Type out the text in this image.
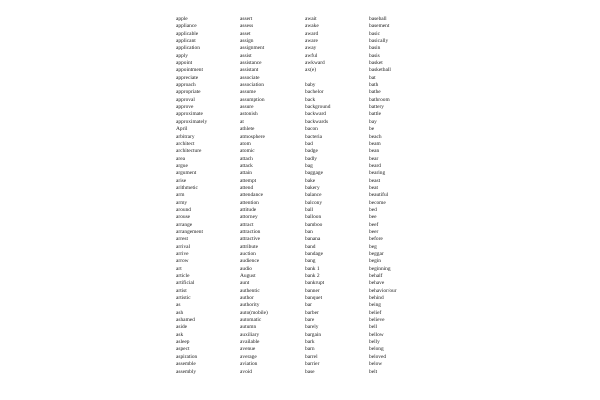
apple
appliance
applicable
applicant
application
apply
appoint
appointment
appreciate
approach
appropriate
approval
approve
approximate
approximately
April
arbitrary
architect
architecture
area
argue
argument
arise
arithmetic
arm
army
around
arouse
arrange
arrangement
arrest
arrival
arrive
arrow
art
article
artificial
artist
artistic
as
ash
ashamed
aside
ask
asleep
aspect
aspiration
assemble
assembly
assert
assess
asset
assign
assignment
assist
assistance
assistant
associate
association
assume
assumption
assure
astonish
at
athlete
atmosphere
atom
atomic
attach
attack
attain
attempt
attend
attendance
attention
attitude
attorney
attract
attraction
attractive
attribute
auction
audience
audio
August
aunt
authentic
author
authority
auto(mobile)
automatic
autumn
auxiliary
available
avenue
average
aviation
avoid
await
awake
award
aware
away
awful
awkward
ax(e)
baby
bachelor
back
background
backward
backwards
bacon
bacteria
bad
badge
badly
bag
baggage
bake
bakery
balance
balcony
ball
balloon
bamboo
ban
banana
band
bandage
bang
bank 1
bank 2
bankrupt
banner
banquet
bar
barber
bare
barely
bargain
bark
barn
barrel
barrier
base
baseball
basement
basic
basically
basin
basis
basket
basketball
bat
bath
bathe
bathroom
battery
battle
bay
be
beach
beam
bean
bear
beard
bearing
beast
beat
beautiful
become
bed
bee
beef
beer
before
beg
beggar
begin
beginning
behalf
behave
behavior/our
behind
being
belief
believe
bell
bellow
belly
belong
beloved
below
belt
